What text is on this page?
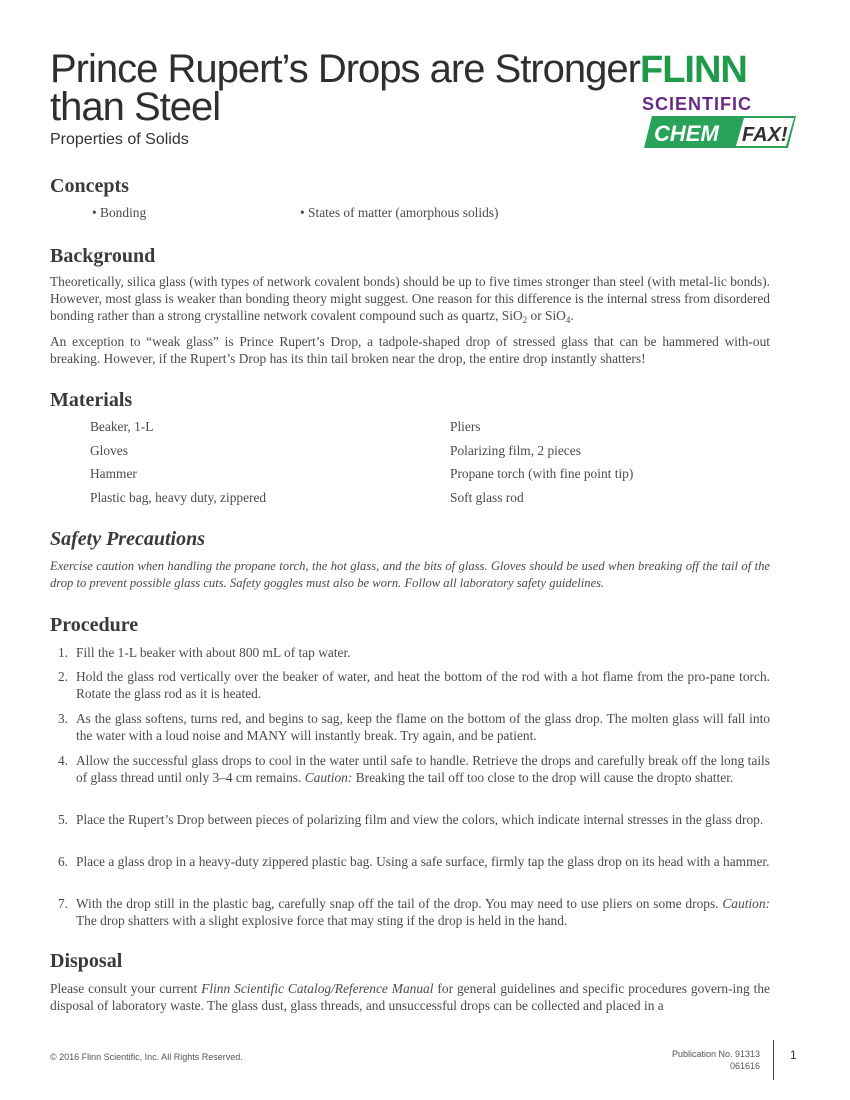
Prince Rupert’s Drops are Stronger than Steel
Properties of Solids
FLINN
SCIENTIFIC
CHEM FAX!
Concepts
• Bonding	• States of matter (amorphous solids)
Background

Theoretically, silica glass (with types of network covalent bonds) should be up to five times stronger than steel (with metal-lic bonds). However, most glass is weaker than bonding theory might suggest. One reason for this difference is the internal stress from disordered bonding rather than a strong crystalline network covalent compound such as quartz, SiO$_2$ or SiO$_4$.

An exception to “weak glass” is Prince Rupert’s Drop, a tadpole-shaped drop of stressed glass that can be hammered with-out breaking. However, if the Rupert’s Drop has its thin tail broken near the drop, the entire drop instantly shatters!

Materials
Beaker, 1-L
Gloves
Hammer
Plastic bag, heavy duty, zippered
Pliers
Polarizing film, 2 pieces
Propane torch (with fine point tip)
Soft glass rod
Safety Precautions

Exercise caution when handling the propane torch, the hot glass, and the bits of glass. Gloves should be used when breaking off the tail of the drop to prevent possible glass cuts. Safety goggles must also be worn. Follow all laboratory safety guidelines.

Procedure
1. Fill the 1-L beaker with about 800 mL of tap water.
2. Hold the glass rod vertically over the beaker of water, and heat the bottom of the rod with a hot flame from the pro-pane torch. Rotate the glass rod as it is heated.
3. As the glass softens, turns red, and begins to sag, keep the flame on the bottom of the glass drop. The molten glass will fall into the water with a loud noise and MANY will instantly break. Try again, and be patient.
4. Allow the successful glass drops to cool in the water until safe to handle. Retrieve the drops and carefully break off the long tails of glass thread until only 3–4 cm remains. Caution: Breaking the tail off too close to the drop will cause the dropto shatter.
5. Place the Rupert’s Drop between pieces of polarizing film and view the colors, which indicate internal stresses in the glass drop.
6. Place a glass drop in a heavy-duty zippered plastic bag. Using a safe surface, firmly tap the glass drop on its head with a hammer.
7. With the drop still in the plastic bag, carefully snap off the tail of the drop. You may need to use pliers on some drops. Caution: The drop shatters with a slight explosive force that may sting if the drop is held in the hand.
Disposal

Please consult your current Flinn Scientific Catalog/Reference Manual for general guidelines and specific procedures govern-ing the disposal of laboratory waste. The glass dust, glass threads, and unsuccessful drops can be collected and placed in a

© 2016 Flinn Scientific, Inc. All Rights Reserved.	Publication No. 91313
061616
1
